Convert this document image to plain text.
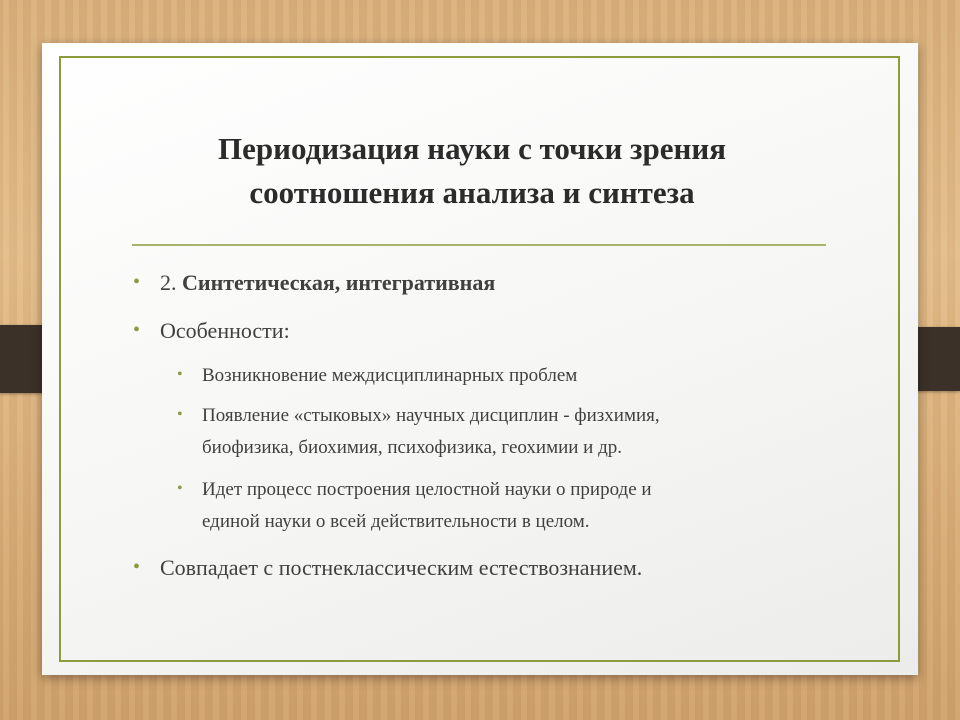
Периодизация науки с точки зрения
соотношения анализа и синтеза
• 2. Синтетическая, интегративная
• Особенности:
• Возникновение междисциплинарных проблем
• Появление «стыковых» научных дисциплин - физхимия,
биофизика, биохимия, психофизика, геохимии и др.
• Идет процесс построения целостной науки о природе и
единой науки о всей действительности в целом.
• Совпадает с постнеклассическим естествознанием.
